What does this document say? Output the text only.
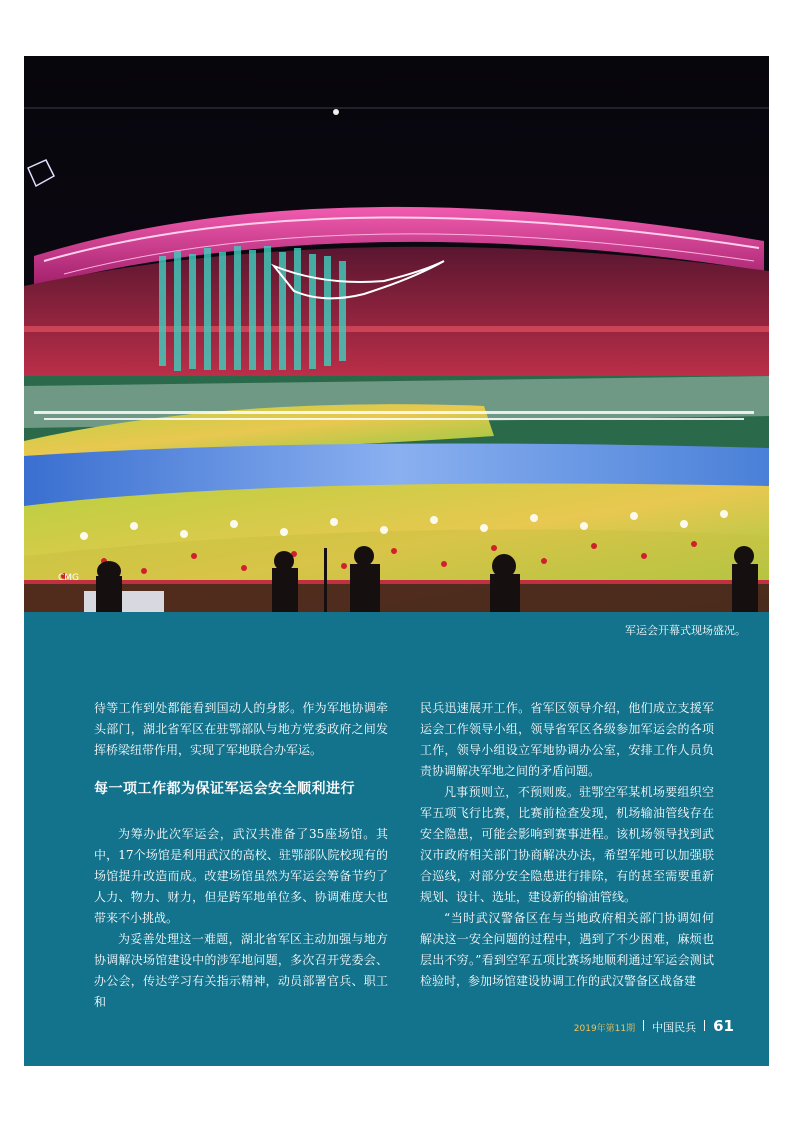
CMG
军运会开幕式现场盛况。

待等工作到处都能看到国动人的身影。作为军地协调牵头部门，湖北省军区在驻鄂部队与地方党委政府之间发挥桥梁纽带作用，实现了军地联合办军运。

每一项工作都为保证军运会安全顺利进行

为筹办此次军运会，武汉共准备了35座场馆。其中，17个场馆是利用武汉的高校、驻鄂部队院校现有的场馆提升改造而成。改建场馆虽然为军运会筹备节约了人力、物力、财力，但是跨军地单位多、协调难度大也带来不小挑战。

为妥善处理这一难题，湖北省军区主动加强与地方协调解决场馆建设中的涉军地问题，多次召开党委会、办公会，传达学习有关指示精神，动员部署官兵、职工和

民兵迅速展开工作。省军区领导介绍，他们成立支援军运会工作领导小组，领导省军区各级参加军运会的各项工作，领导小组设立军地协调办公室，安排工作人员负责协调解决军地之间的矛盾问题。

凡事预则立，不预则废。驻鄂空军某机场要组织空军五项飞行比赛，比赛前检查发现，机场输油管线存在安全隐患，可能会影响到赛事进程。该机场领导找到武汉市政府相关部门协商解决办法，希望军地可以加强联合巡线，对部分安全隐患进行排除，有的甚至需要重新规划、设计、选址，建设新的输油管线。

“当时武汉警备区在与当地政府相关部门协调如何解决这一安全问题的过程中，遇到了不少困难，麻烦也层出不穷。”看到空军五项比赛场地顺利通过军运会测试检验时，参加场馆建设协调工作的武汉警备区战备建

2019年第11期 中国民兵 61
